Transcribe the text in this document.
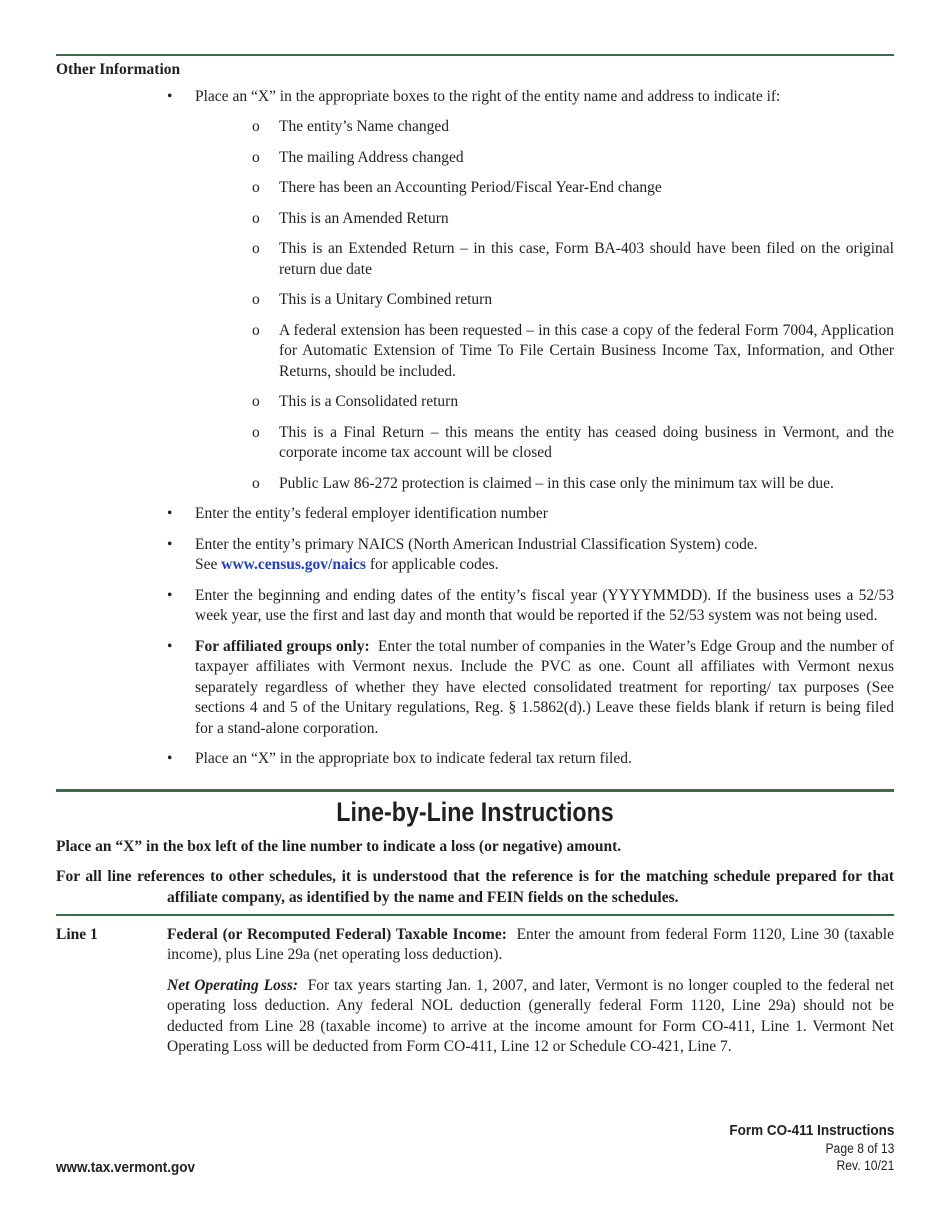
Other Information
•	Place an “X” in the appropriate boxes to the right of the entity name and address to indicate if:
o The entity’s Name changed
o The mailing Address changed
o There has been an Accounting Period/Fiscal Year-End change
o This is an Amended Return
o This is an Extended Return – in this case, Form BA-403 should have been filed on the original return due date
o This is a Unitary Combined return
o A federal extension has been requested – in this case a copy of the federal Form 7004, Application for Automatic Extension of Time To File Certain Business Income Tax, Information, and Other Returns, should be included.
o This is a Consolidated return
o This is a Final Return – this means the entity has ceased doing business in Vermont, and the corporate income tax account will be closed
o Public Law 86-272 protection is claimed – in this case only the minimum tax will be due.
•	Enter the entity’s federal employer identification number
•	Enter the entity’s primary NAICS (North American Industrial Classification System) code.
See www.census.gov/naics for applicable codes.
•	Enter the beginning and ending dates of the entity’s fiscal year (YYYYMMDD). If the business uses a 52/53 week year, use the first and last day and month that would be reported if the 52/53 system was not being used.
•	For affiliated groups only: Enter the total number of companies in the Water’s Edge Group and the number of taxpayer affiliates with Vermont nexus. Include the PVC as one. Count all affiliates with Vermont nexus separately regardless of whether they have elected consolidated treatment for reporting/ tax purposes (See sections 4 and 5 of the Unitary regulations, Reg. § 1.5862(d).) Leave these fields blank if return is being filed for a stand-alone corporation.
•	Place an “X” in the appropriate box to indicate federal tax return filed.
Line-by-Line Instructions

Place an “X” in the box left of the line number to indicate a loss (or negative) amount.

For all line references to other schedules, it is understood that the reference is for the matching schedule prepared for that affiliate company, as identified by the name and FEIN fields on the schedules.

Line 1	Federal (or Recomputed Federal) Taxable Income: Enter the amount from federal Form 1120, Line 30 (taxable income), plus Line 29a (net operating loss deduction).

Net Operating Loss: For tax years starting Jan. 1, 2007, and later, Vermont is no longer coupled to the federal net operating loss deduction. Any federal NOL deduction (generally federal Form 1120, Line 29a) should not be deducted from Line 28 (taxable income) to arrive at the income amount for Form CO-411, Line 1. Vermont Net Operating Loss will be deducted from Form CO-411, Line 12 or Schedule CO-421, Line 7.

Form CO-411 Instructions
Page 8 of 13
Rev. 10/21
www.tax.vermont.gov
